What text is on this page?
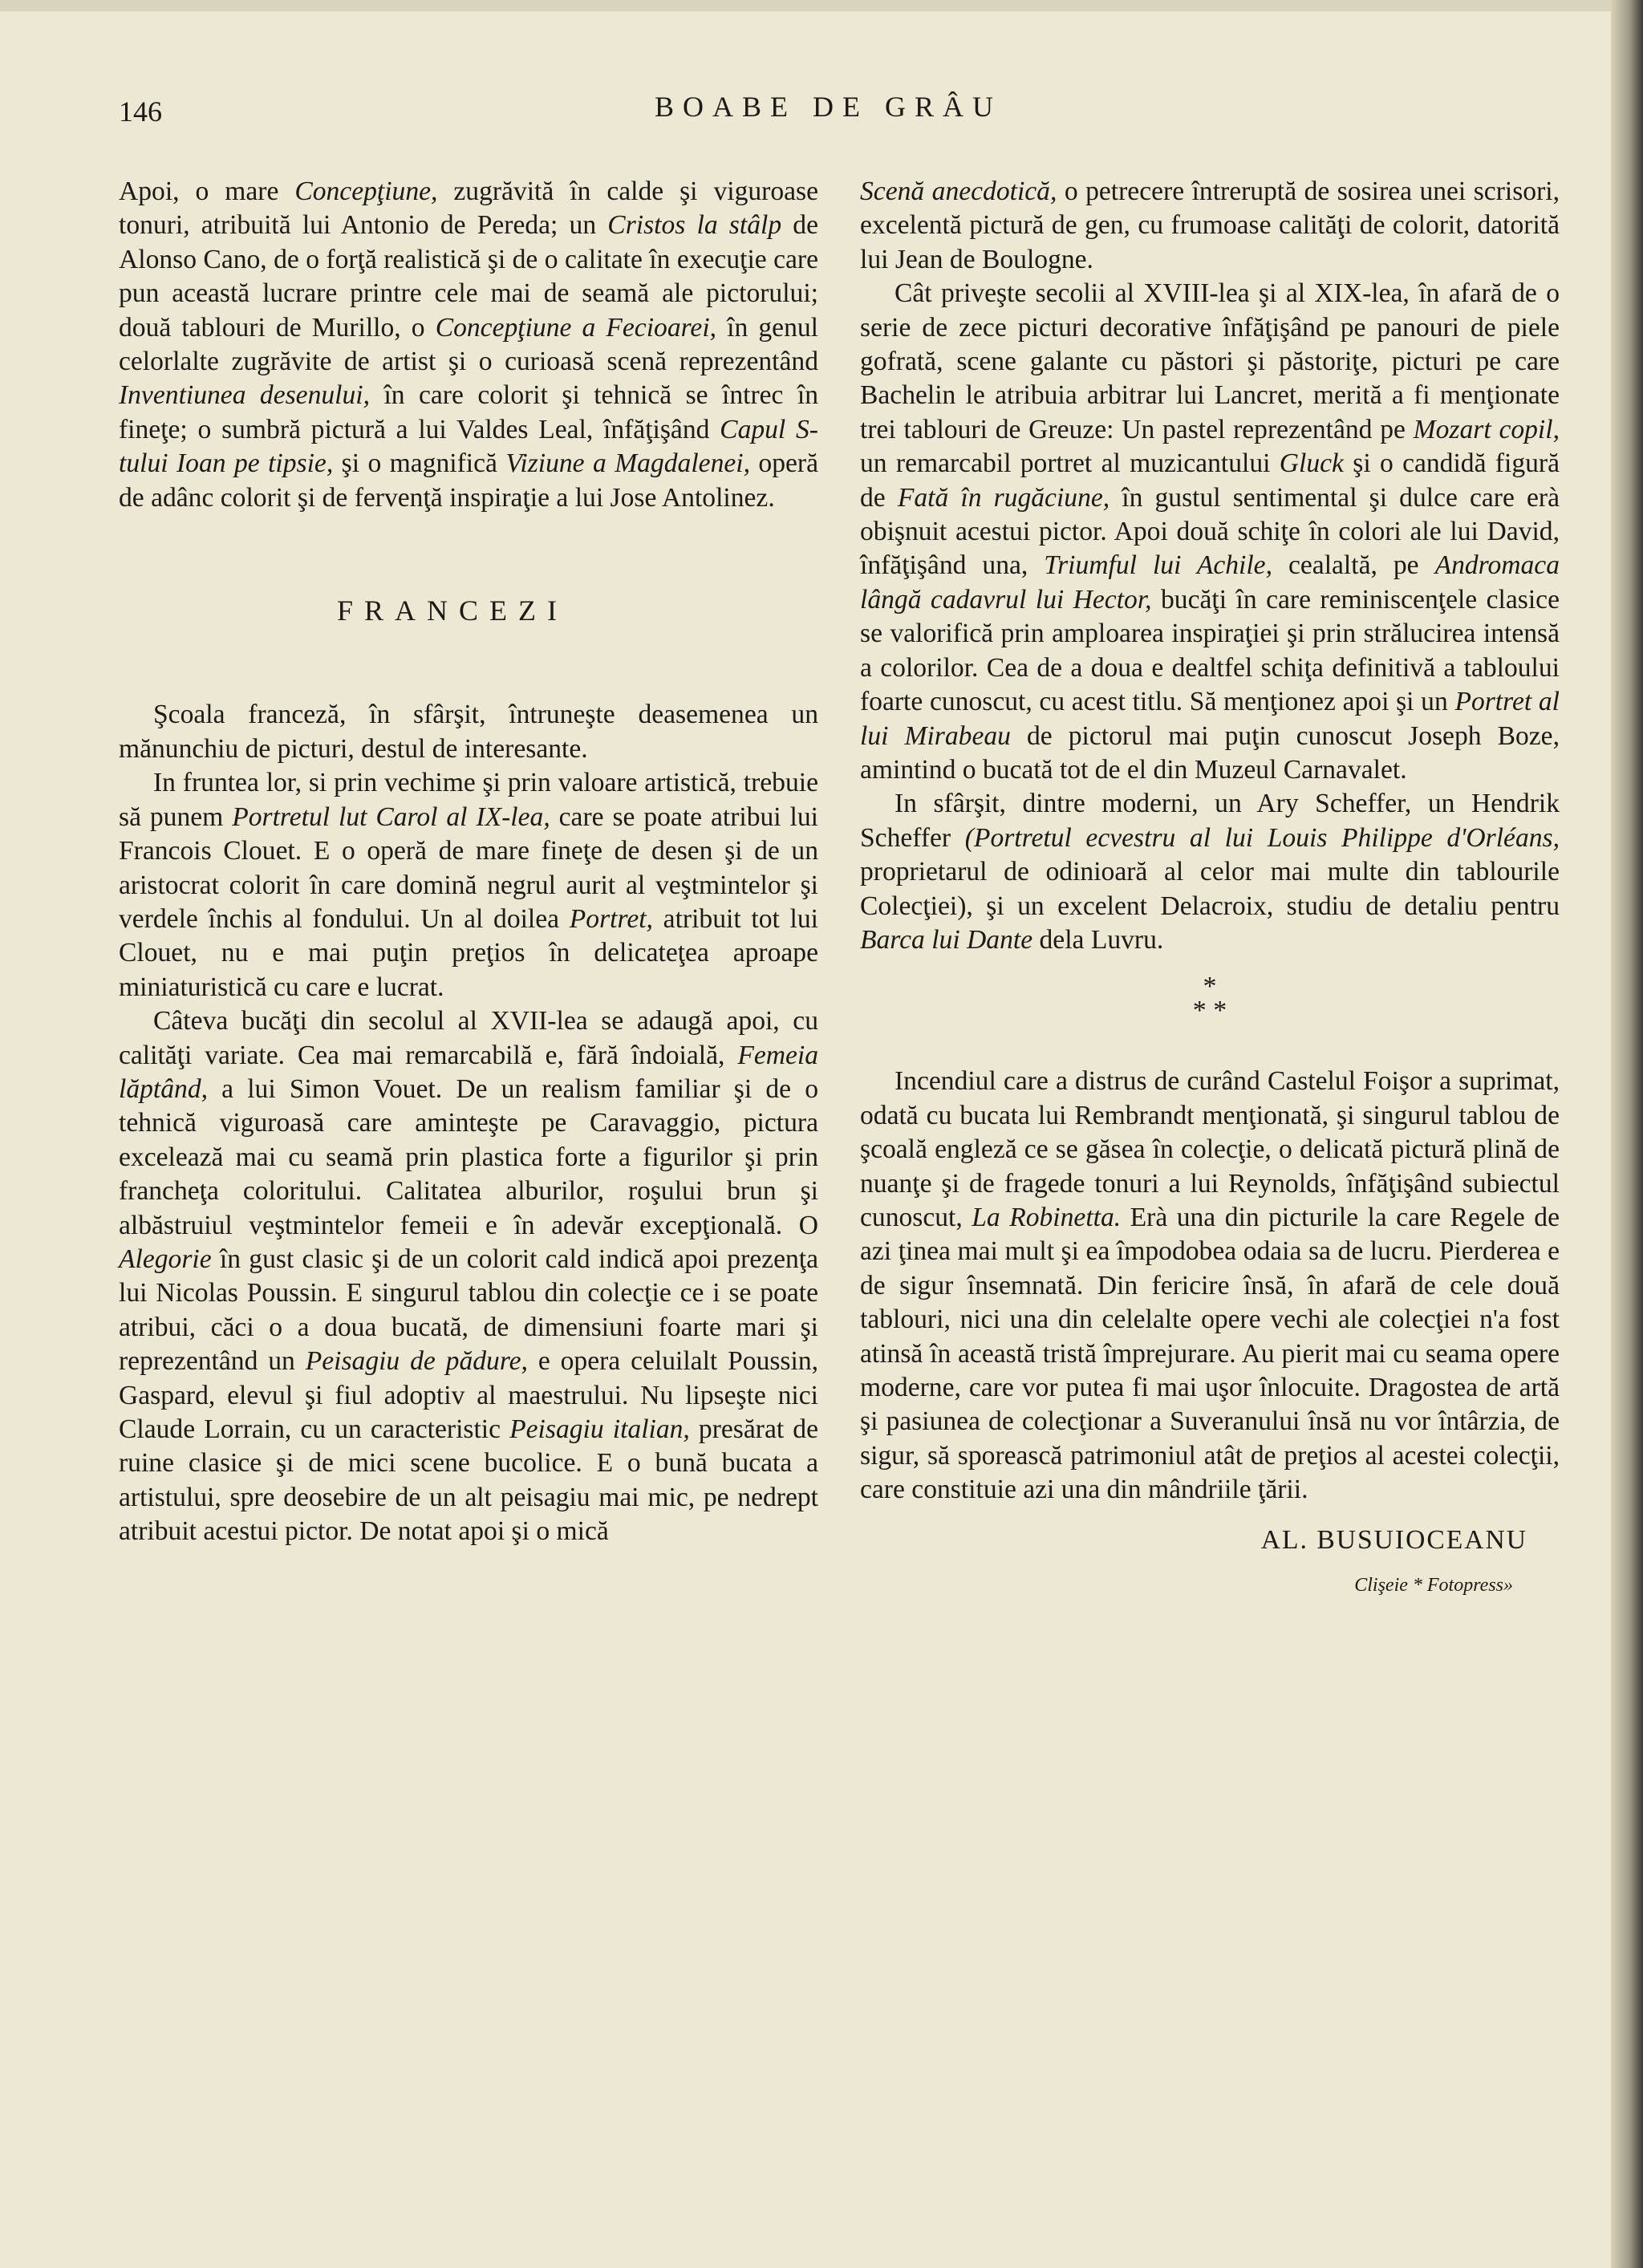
146	BOABE DE GRÂU

Apoi, o mare Concepţiune, zugrăvită în calde şi viguroase tonuri, atribuită lui Antonio de Pereda; un Cristos la stâlp de Alonso Cano, de o forţă realistică şi de o calitate în execuţie care pun această lucrare printre cele mai de seamă ale pictorului; două tablouri de Murillo, o Concepţiune a Fecioarei, în genul celorlalte zugrăvite de artist şi o curioasă scenă reprezentând Inventiunea desenului, în care colorit şi tehnică se întrec în fineţe; o sumbră pictură a lui Valdes Leal, înfăţişând Capul S-tului Ioan pe tipsie, şi o magnifică Viziune a Magdalenei, operă de adânc colorit şi de fervenţă inspiraţie a lui Jose Antolinez.

FRANCEZI

Şcoala franceză, în sfârşit, întruneşte deasemenea un mănunchiu de picturi, destul de interesante.

In fruntea lor, si prin vechime şi prin valoare artistică, trebuie să punem Portretul lut Carol al IX-lea, care se poate atribui lui Francois Clouet. E o operă de mare fineţe de desen şi de un aristocrat colorit în care domină negrul aurit al veştmintelor şi verdele închis al fondului. Un al doilea Portret, atribuit tot lui Clouet, nu e mai puţin preţios în delicateţea aproape miniaturistică cu care e lucrat.

Câteva bucăţi din secolul al XVII-lea se adaugă apoi, cu calităţi variate. Cea mai remarcabilă e, fără îndoială, Femeia lăptând, a lui Simon Vouet. De un realism familiar şi de o tehnică viguroasă care aminteşte pe Caravaggio, pictura excelează mai cu seamă prin plastica forte a figurilor şi prin francheţa coloritului. Calitatea alburilor, roşului brun şi albăstruiul veştmintelor femeii e în adevăr excepţională. O Alegorie în gust clasic şi de un colorit cald indică apoi prezenţa lui Nicolas Poussin. E singurul tablou din colecţie ce i se poate atribui, căci o a doua bucată, de dimensiuni foarte mari şi reprezentând un Peisagiu de pădure, e opera celuilalt Poussin, Gaspard, elevul şi fiul adoptiv al maestrului. Nu lipseşte nici Claude Lorrain, cu un caracteristic Peisagiu italian, presărat de ruine clasice şi de mici scene bucolice. E o bună bucata a artistului, spre deosebire de un alt peisagiu mai mic, pe nedrept atribuit acestui pictor. De notat apoi şi o mică

Scenă anecdotică, o petrecere întreruptă de sosirea unei scrisori, excelentă pictură de gen, cu frumoase calităţi de colorit, datorită lui Jean de Boulogne.

Cât priveşte secolii al XVIII-lea şi al XIX-lea, în afară de o serie de zece picturi decorative înfăţişând pe panouri de piele gofrată, scene galante cu păstori şi păstoriţe, picturi pe care Bachelin le atribuia arbitrar lui Lancret, merită a fi menţionate trei tablouri de Greuze: Un pastel reprezentând pe Mozart copil, un remarcabil portret al muzicantului Gluck şi o candidă figură de Fată în rugăciune, în gustul sentimental şi dulce care erà obişnuit acestui pictor. Apoi două schiţe în colori ale lui David, înfăţişând una, Triumful lui Achile, cealaltă, pe Andromaca lângă cadavrul lui Hector, bucăţi în care reminiscenţele clasice se valorifică prin amploarea inspiraţiei şi prin strălucirea intensă a colorilor. Cea de a doua e dealtfel schiţa definitivă a tabloului foarte cunoscut, cu acest titlu. Să menţionez apoi şi un Portret al lui Mirabeau de pictorul mai puţin cunoscut Joseph Boze, amintind o bucată tot de el din Muzeul Carnavalet.

In sfârşit, dintre moderni, un Ary Scheffer, un Hendrik Scheffer (Portretul ecvestru al lui Louis Philippe d'Orléans, proprietarul de odinioară al celor mai multe din tablourile Colecţiei), şi un excelent Delacroix, studiu de detaliu pentru Barca lui Dante dela Luvru.

*
* *

Incendiul care a distrus de curând Castelul Foişor a suprimat, odată cu bucata lui Rembrandt menţionată, şi singurul tablou de şcoală engleză ce se găsea în colecţie, o delicată pictură plină de nuanţe şi de fragede tonuri a lui Reynolds, înfăţişând subiectul cunoscut, La Robinetta. Erà una din picturile la care Regele de azi ţinea mai mult şi ea împodobea odaia sa de lucru. Pierderea e de sigur însemnată. Din fericire însă, în afară de cele două tablouri, nici una din celelalte opere vechi ale colecţiei n'a fost atinsă în această tristă împrejurare. Au pierit mai cu seama opere moderne, care vor putea fi mai uşor înlocuite. Dragostea de artă şi pasiunea de colecţionar a Suveranului însă nu vor întârzia, de sigur, să sporească patrimoniul atât de preţios al acestei colecţii, care constituie azi una din mândriile ţării.

AL. BUSUIOCEANU
Clişeie * Fotopress»
